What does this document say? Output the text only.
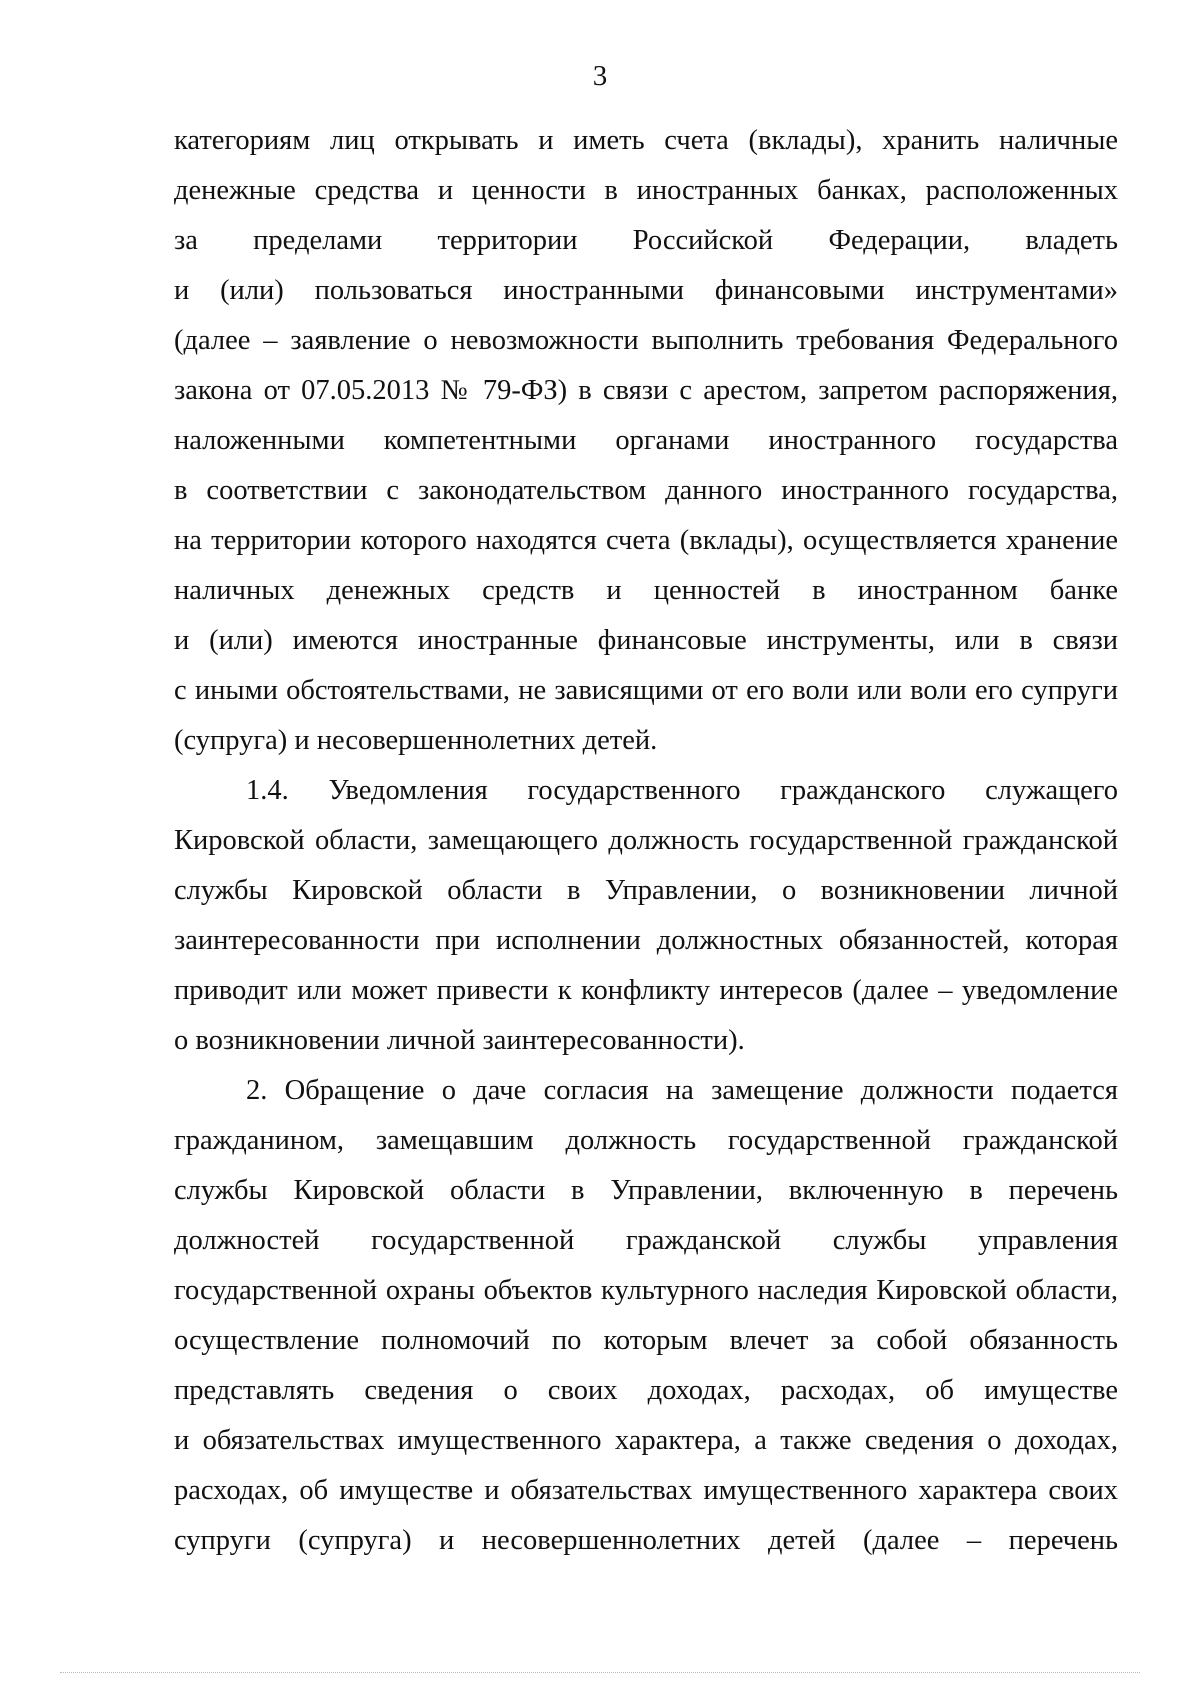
3
категориям лиц открывать и иметь счета (вклады), хранить наличные
денежные средства и ценности в иностранных банках, расположенных
за пределами территории Российской Федерации, владеть
и (или) пользоваться иностранными финансовыми инструментами»
(далее – заявление о невозможности выполнить требования Федерального
закона от 07.05.2013 № 79-ФЗ) в связи с арестом, запретом распоряжения,
наложенными компетентными органами иностранного государства
в соответствии с законодательством данного иностранного государства,
на территории которого находятся счета (вклады), осуществляется хранение
наличных денежных средств и ценностей в иностранном банке
и (или) имеются иностранные финансовые инструменты, или в связи
с иными обстоятельствами, не зависящими от его воли или воли его супруги
(супруга) и несовершеннолетних детей.
1.4. Уведомления государственного гражданского служащего
Кировской области, замещающего должность государственной гражданской
службы Кировской области в Управлении, о возникновении личной
заинтересованности при исполнении должностных обязанностей, которая
приводит или может привести к конфликту интересов (далее – уведомление
о возникновении личной заинтересованности).
2. Обращение о даче согласия на замещение должности подается
гражданином, замещавшим должность государственной гражданской
службы Кировской области в Управлении, включенную в перечень
должностей государственной гражданской службы управления
государственной охраны объектов культурного наследия Кировской области,
осуществление полномочий по которым влечет за собой обязанность
представлять сведения о своих доходах, расходах, об имуществе
и обязательствах имущественного характера, а также сведения о доходах,
расходах, об имуществе и обязательствах имущественного характера своих
супруги (супруга) и несовершеннолетних детей (далее – перечень
